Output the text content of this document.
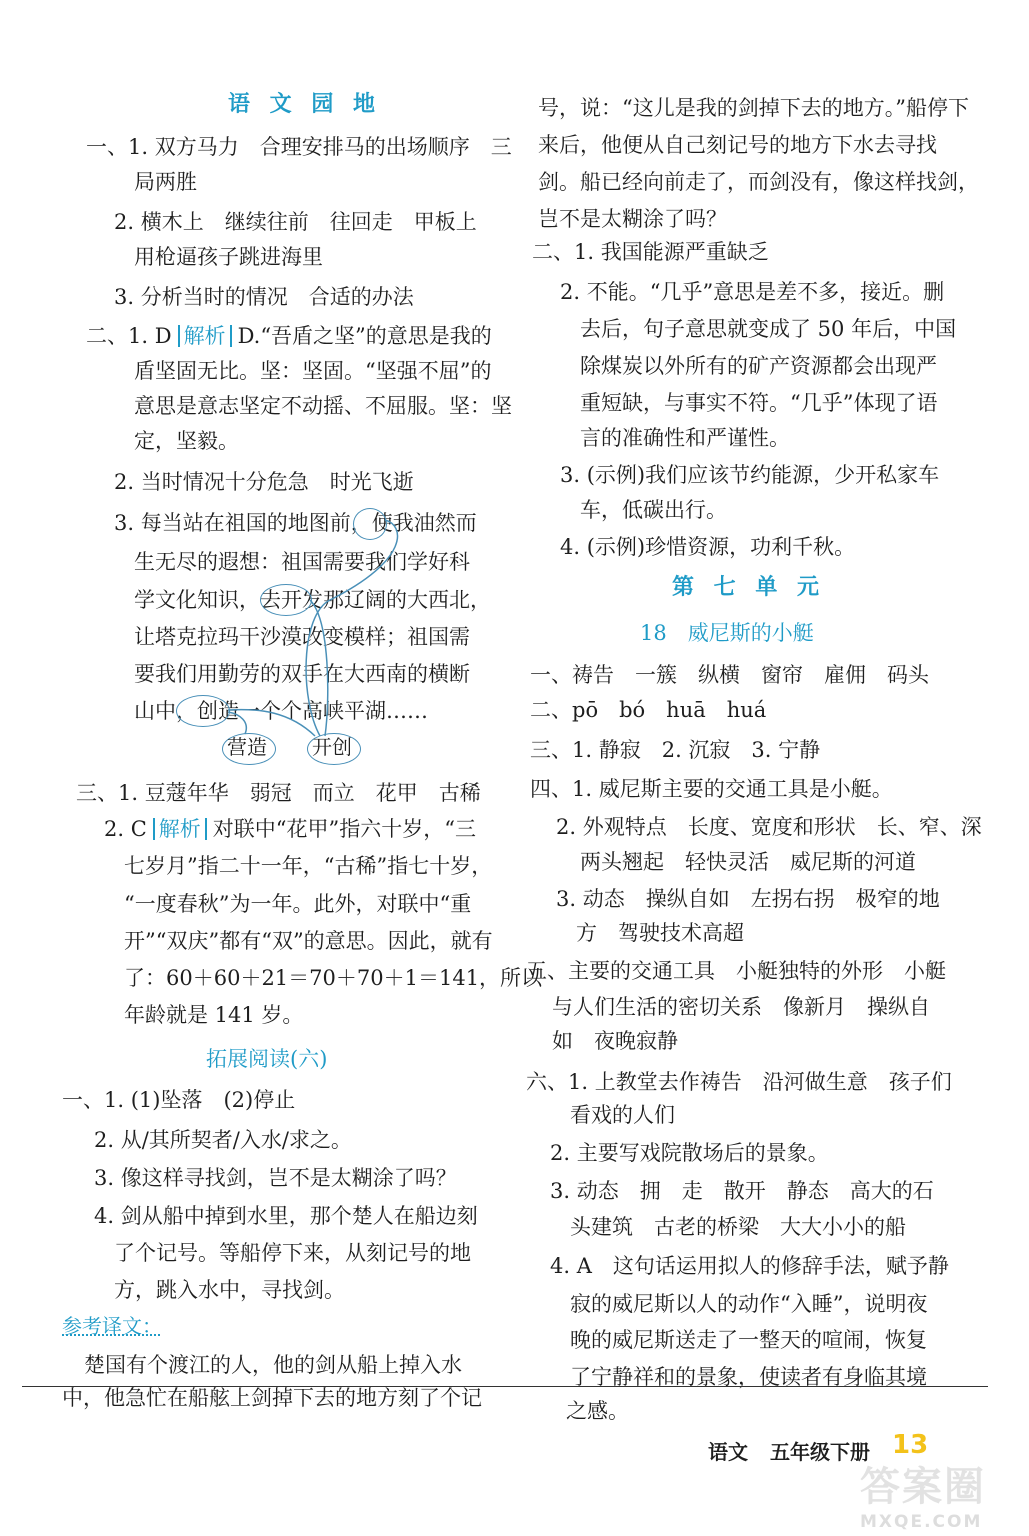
语 文 园 地
一、1. 双方马力　合理安排马的出场顺序　三
局两胜
2. 横木上　继续往前　往回走　甲板上
用枪逼孩子跳进海里
3. 分析当时的情况　合适的办法
二、1. D 解析 D.“吾盾之坚”的意思是我的
盾坚固无比。坚：坚固。“坚强不屈”的
意思是意志坚定不动摇、不屈服。坚：坚
定，坚毅。
2. 当时情况十分危急　时光飞逝
3. 每当站在祖国的地图前，使我油然而
生无尽的遐想：祖国需要我们学好科
学文化知识，去开发那辽阔的大西北，
让塔克拉玛干沙漠改变模样；祖国需
要我们用勤劳的双手在大西南的横断
山中，创造一个个高峡平湖……
营造 开创
三、1. 豆蔻年华　弱冠　而立　花甲　古稀
2. C 解析 对联中“花甲”指六十岁，“三
七岁月”指二十一年，“古稀”指七十岁，
“一度春秋”为一年。此外，对联中“重
开”“双庆”都有“双”的意思。因此，就有
了：60＋60＋21＝70＋70＋1＝141，所以
年龄就是 141 岁。
拓展阅读(六)
一、1. (1)坠落　(2)停止
2. 从/其所契者/入水/求之。
3. 像这样寻找剑，岂不是太糊涂了吗？
4. 剑从船中掉到水里，那个楚人在船边刻
了个记号。等船停下来，从刻记号的地
方，跳入水中，寻找剑。
参考译文：
楚国有个渡江的人，他的剑从船上掉入水
中，他急忙在船舷上剑掉下去的地方刻了个记
号，说：“这儿是我的剑掉下去的地方。”船停下
来后，他便从自己刻记号的地方下水去寻找
剑。船已经向前走了，而剑没有，像这样找剑，
岂不是太糊涂了吗？
二、1. 我国能源严重缺乏
2. 不能。“几乎”意思是差不多，接近。删
去后，句子意思就变成了 50 年后，中国
除煤炭以外所有的矿产资源都会出现严
重短缺，与事实不符。“几乎”体现了语
言的准确性和严谨性。
3. (示例)我们应该节约能源，少开私家车
车，低碳出行。
4. (示例)珍惜资源，功利千秋。
第 七 单 元
18　威尼斯的小艇
一、祷告　一簇　纵横　窗帘　雇佣　码头
二、pō　bó　huā　huá
三、1. 静寂　2. 沉寂　3. 宁静
四、1. 威尼斯主要的交通工具是小艇。
2. 外观特点　长度、宽度和形状　长、窄、深
两头翘起　轻快灵活　威尼斯的河道
3. 动态　操纵自如　左拐右拐　极窄的地
方　驾驶技术高超
五、主要的交通工具　小艇独特的外形　小艇
与人们生活的密切关系　像新月　操纵自
如　夜晚寂静
六、1. 上教堂去作祷告　沿河做生意　孩子们
看戏的人们
2. 主要写戏院散场后的景象。
3. 动态　拥　走　散开　静态　高大的石
头建筑　古老的桥梁　大大小小的船
4. A　这句话运用拟人的修辞手法，赋予静
寂的威尼斯以人的动作“入睡”，说明夜
晚的威尼斯送走了一整天的喧闹，恢复
了宁静祥和的景象，使读者有身临其境
之感。
语文 五年级下册 13
答案圈
MXQE.COM
